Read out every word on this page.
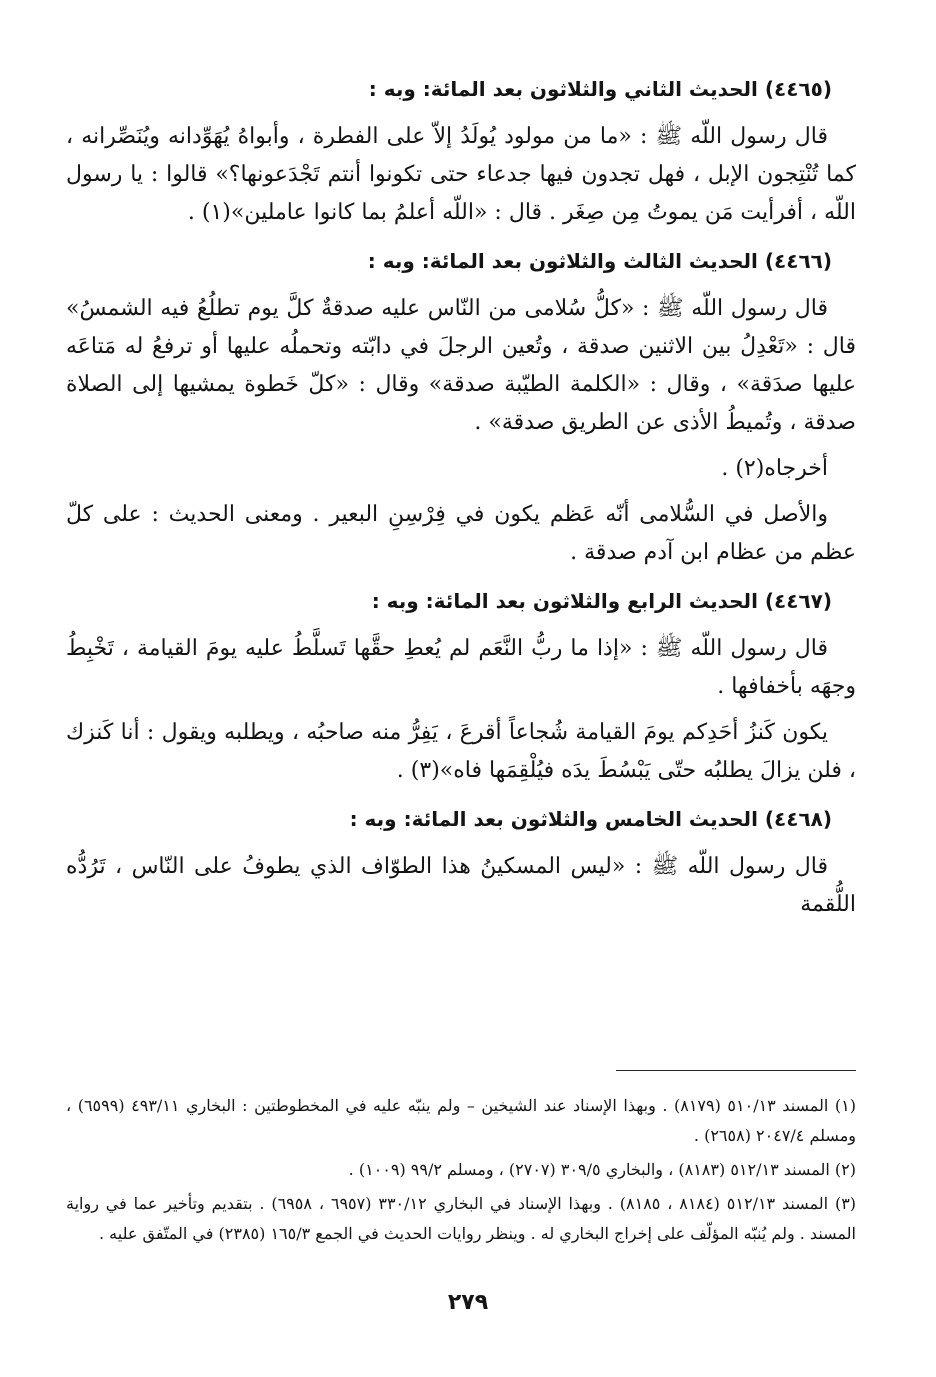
(٤٤٦٥) الحديث الثاني والثلاثون بعد المائة: وبه :

قال رسول اللّه ﷺ : «ما من مولود يُولَدُ إلاّ على الفطرة ، وأبواهُ يُهَوِّدانه ويُنَصِّرانه ، كما تُنْتِجون الإبل ، فهل تجدون فيها جدعاء حتى تكونوا أنتم تَجْدَعونها؟» قالوا : يا رسول اللّه ، أفرأيت مَن يموتُ مِن صِغَر . قال : «اللّه أعلمُ بما كانوا عاملين»(١) .

(٤٤٦٦) الحديث الثالث والثلاثون بعد المائة: وبه :

قال رسول اللّه ﷺ : «كلُّ سُلامى من النّاس عليه صدقةٌ كلَّ يوم تطلُعُ فيه الشمسُ» قال : «تَعْدِلُ بين الاثنين صدقة ، وتُعين الرجلَ في دابّته وتحملُه عليها أو ترفعُ له مَتاعَه عليها صدَقة» ، وقال : «الكلمة الطيّبة صدقة» وقال : «كلّ خَطوة يمشيها إلى الصلاة صدقة ، وتُميطُ الأذى عن الطريق صدقة» .

أخرجاه(٢) .

والأصل في السُّلامى أنّه عَظم يكون في فِرْسِنِ البعير . ومعنى الحديث : على كلّ عظم من عظام ابن آدم صدقة .

(٤٤٦٧) الحديث الرابع والثلاثون بعد المائة: وبه :

قال رسول اللّه ﷺ : «إذا ما ربُّ النَّعَم لم يُعطِ حقَّها تَسلَّطُ عليه يومَ القيامة ، تَخْبِطُ وجهَه بأخفافها .

يكون كَنزُ أحَدِكم يومَ القيامة شُجاعاً أقرعَ ، يَفِرُّ منه صاحبُه ، ويطلبه ويقول : أنا كَنزك ، فلن يزالَ يطلبُه حتّى يَبْسُطَ يدَه فيُلْقِمَها فاه»(٣) .

(٤٤٦٨) الحديث الخامس والثلاثون بعد المائة: وبه :

قال رسول اللّه ﷺ : «ليس المسكينُ هذا الطوّاف الذي يطوفُ على النّاس ، تَرُدُّه اللُّقمة

(١) المسند ٥١٠/١٣ (٨١٧٩) . وبهذا الإسناد عند الشيخين – ولم ينبّه عليه في المخطوطتين : البخاري ٤٩٣/١١ (٦٥٩٩) ، ومسلم ٢٠٤٧/٤ (٢٦٥٨) .

(٢) المسند ٥١٢/١٣ (٨١٨٣) ، والبخاري ٣٠٩/٥ (٢٧٠٧) ، ومسلم ٩٩/٢ (١٠٠٩) .

(٣) المسند ٥١٢/١٣ (٨١٨٤ ، ٨١٨٥) . وبهذا الإسناد في البخاري ٣٣٠/١٢ (٦٩٥٧ ، ٦٩٥٨) . بتقديم وتأخير عما في رواية المسند . ولم يُنبّه المؤلّف على إخراج البخاري له . وينظر روايات الحديث في الجمع ١٦٥/٣ (٢٣٨٥) في المتّفق عليه .

٢٧٩
